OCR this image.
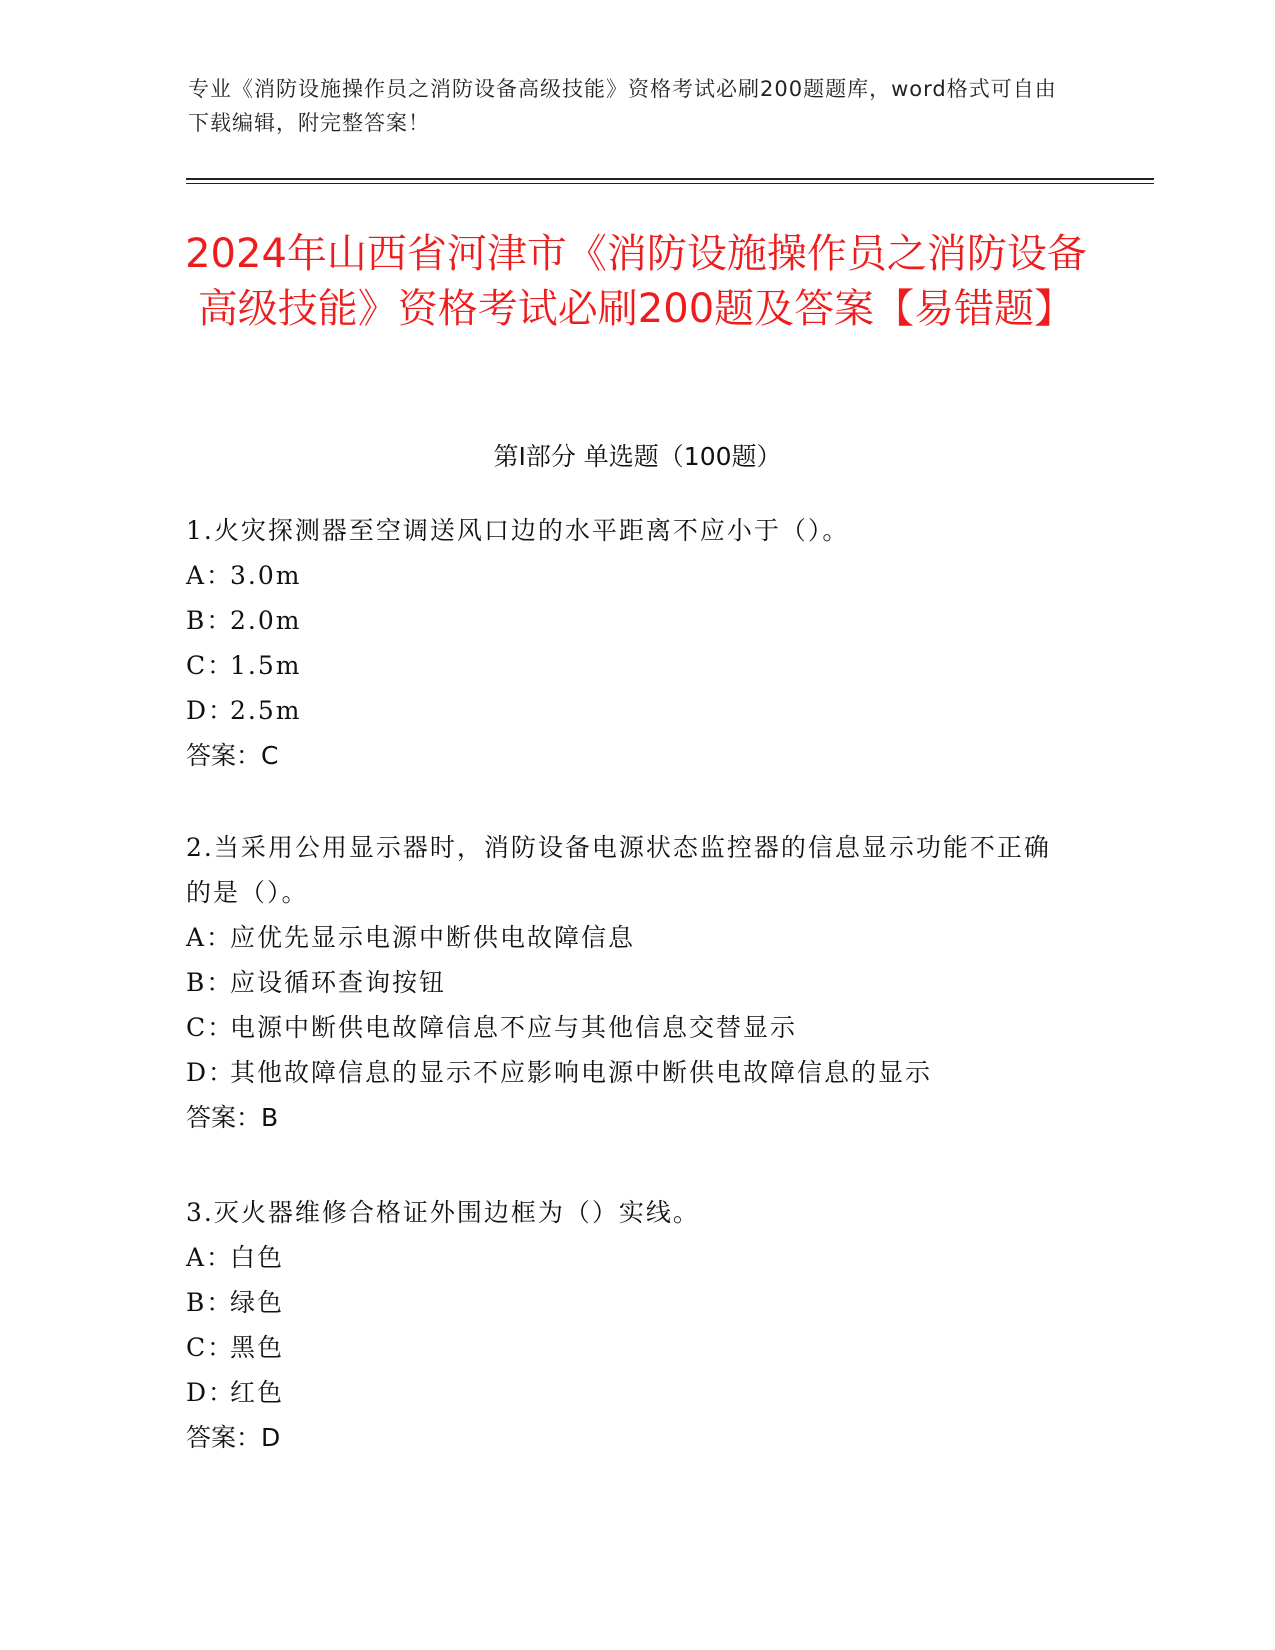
专业《消防设施操作员之消防设备高级技能》资格考试必刷200题题库，word格式可自由下载编辑，附完整答案！
2024年山西省河津市《消防设施操作员之消防设备高级技能》资格考试必刷200题及答案【易错题】
第Ⅰ部分 单选题（100题）
1.火灾探测器至空调送风口边的水平距离不应小于（）。
A：3.0m
B：2.0m
C：1.5m
D：2.5m
答案：C
2.当采用公用显示器时，消防设备电源状态监控器的信息显示功能不正确的是（）。
A：应优先显示电源中断供电故障信息
B：应设循环查询按钮
C：电源中断供电故障信息不应与其他信息交替显示
D：其他故障信息的显示不应影响电源中断供电故障信息的显示
答案：B
3.灭火器维修合格证外围边框为（）实线。
A：白色
B：绿色
C：黑色
D：红色
答案：D
